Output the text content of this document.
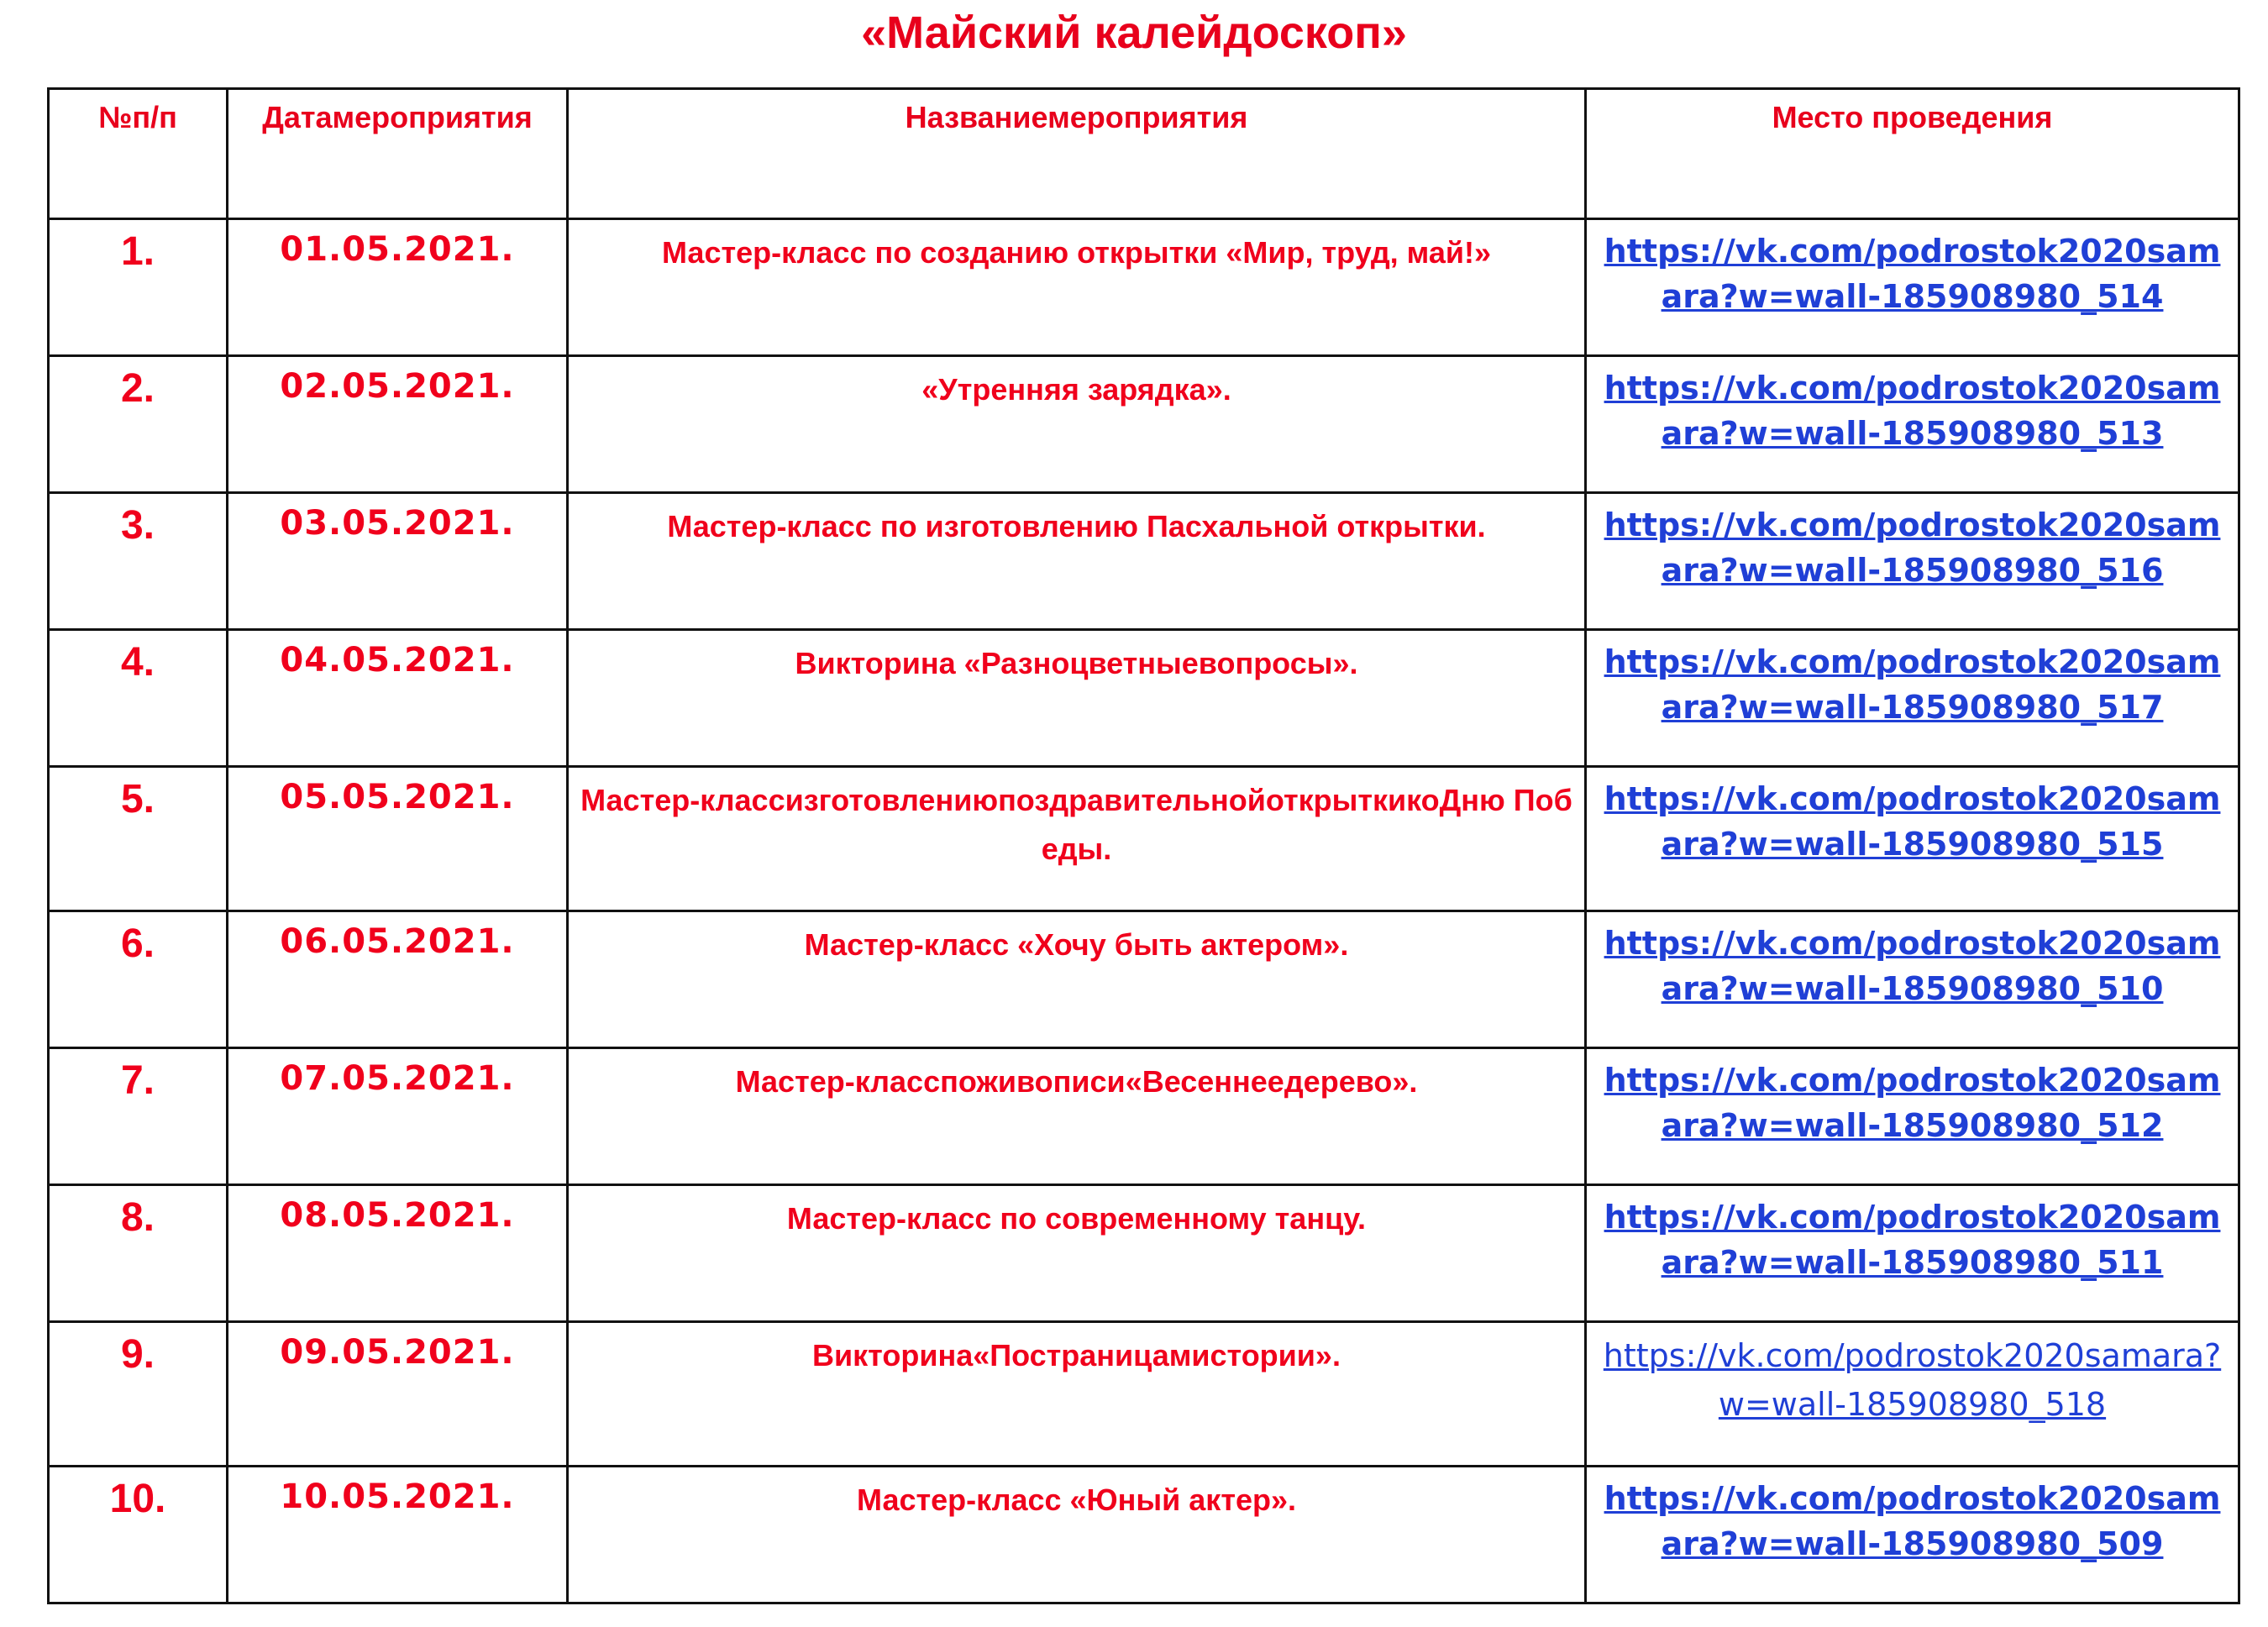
«Майский калейдоскоп»
№п/п	Датамероприятия	Названиемероприятия	Место проведения
1.	01.05.2021.	Мастер-класс по созданию открытки «Мир, труд, май!»	https://vk.com/podrostok2020samara?w=wall-185908980_514
2.	02.05.2021.	«Утренняя зарядка».	https://vk.com/podrostok2020samara?w=wall-185908980_513
3.	03.05.2021.	Мастер-класс по изготовлению Пасхальной открытки.	https://vk.com/podrostok2020samara?w=wall-185908980_516
4.	04.05.2021.	Викторина «Разноцветныевопросы».	https://vk.com/podrostok2020samara?w=wall-185908980_517
5.	05.05.2021.	Мастер-классизготовлениюпоздравительнойоткрыткикоДню Победы.	https://vk.com/podrostok2020samara?w=wall-185908980_515
6.	06.05.2021.	Мастер-класс «Хочу быть актером».	https://vk.com/podrostok2020samara?w=wall-185908980_510
7.	07.05.2021.	Мастер-класспоживописи«Весеннеедерево».	https://vk.com/podrostok2020samara?w=wall-185908980_512
8.	08.05.2021.	Мастер-класс по современному танцу.	https://vk.com/podrostok2020samara?w=wall-185908980_511
9.	09.05.2021.	Викторина«Постраницамистории».	https://vk.com/podrostok2020samara?w=wall-185908980_518
10.	10.05.2021.	Мастер-класс «Юный актер».	https://vk.com/podrostok2020samara?w=wall-185908980_509
